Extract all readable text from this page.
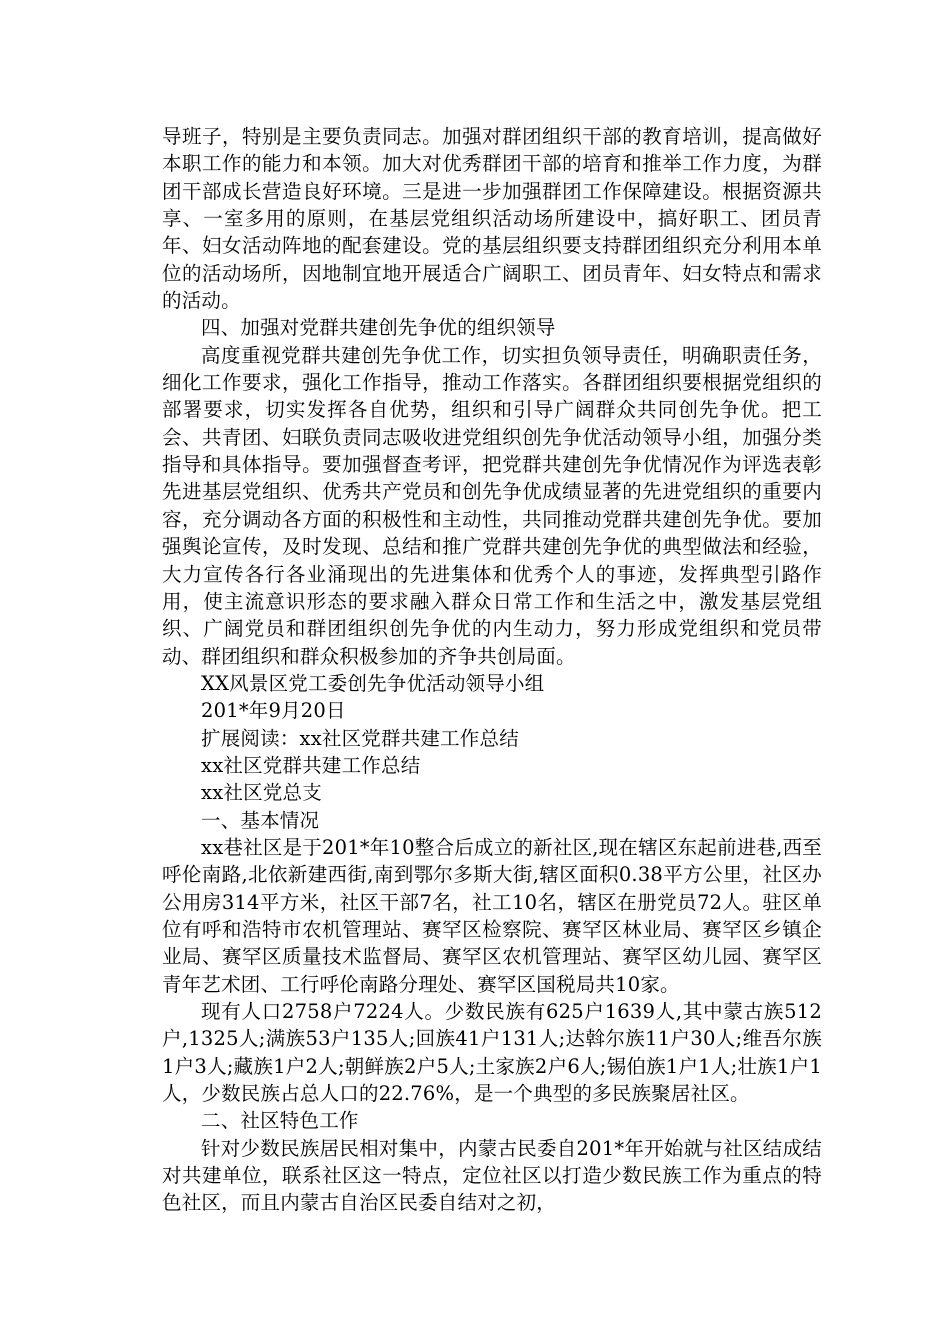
导班子，特别是主要负责同志。加强对群团组织干部的教育培训，提高做好本职工作的能力和本领。加大对优秀群团干部的培育和推举工作力度，为群团干部成长营造良好环境。三是进一步加强群团工作保障建设。根据资源共享、一室多用的原则，在基层党组织活动场所建设中，搞好职工、团员青年、妇女活动阵地的配套建设。党的基层组织要支持群团组织充分利用本单位的活动场所，因地制宜地开展适合广阔职工、团员青年、妇女特点和需求的活动。

四、加强对党群共建创先争优的组织领导

高度重视党群共建创先争优工作，切实担负领导责任，明确职责任务，细化工作要求，强化工作指导，推动工作落实。各群团组织要根据党组织的部署要求，切实发挥各自优势，组织和引导广阔群众共同创先争优。把工会、共青团、妇联负责同志吸收进党组织创先争优活动领导小组，加强分类指导和具体指导。要加强督查考评，把党群共建创先争优情况作为评选表彰先进基层党组织、优秀共产党员和创先争优成绩显著的先进党组织的重要内容，充分调动各方面的积极性和主动性，共同推动党群共建创先争优。要加强舆论宣传，及时发现、总结和推广党群共建创先争优的典型做法和经验，大力宣传各行各业涌现出的先进集体和优秀个人的事迹，发挥典型引路作用，使主流意识形态的要求融入群众日常工作和生活之中，激发基层党组织、广阔党员和群团组织创先争优的内生动力，努力形成党组织和党员带动、群团组织和群众积极参加的齐争共创局面。

XX风景区党工委创先争优活动领导小组

201*年9月20日

扩展阅读：xx社区党群共建工作总结

xx社区党群共建工作总结

xx社区党总支

一、基本情况

xx巷社区是于201*年10整合后成立的新社区,现在辖区东起前进巷,西至呼伦南路,北依新建西街,南到鄂尔多斯大街,辖区面积0.38平方公里，社区办公用房314平方米，社区干部7名，社工10名，辖区在册党员72人。驻区单位有呼和浩特市农机管理站、赛罕区检察院、赛罕区林业局、赛罕区乡镇企业局、赛罕区质量技术监督局、赛罕区农机管理站、赛罕区幼儿园、赛罕区青年艺术团、工行呼伦南路分理处、赛罕区国税局共10家。

现有人口2758户7224人。少数民族有625户1639人,其中蒙古族512户,1325人;满族53户135人;回族41户131人;达斡尔族11户30人;维吾尔族1户3人;藏族1户2人;朝鲜族2户5人;土家族2户6人;锡伯族1户1人;壮族1户1人，少数民族占总人口的22.76%，是一个典型的多民族聚居社区。

二、社区特色工作

针对少数民族居民相对集中，内蒙古民委自201*年开始就与社区结成结对共建单位，联系社区这一特点，定位社区以打造少数民族工作为重点的特色社区，而且内蒙古自治区民委自结对之初，
